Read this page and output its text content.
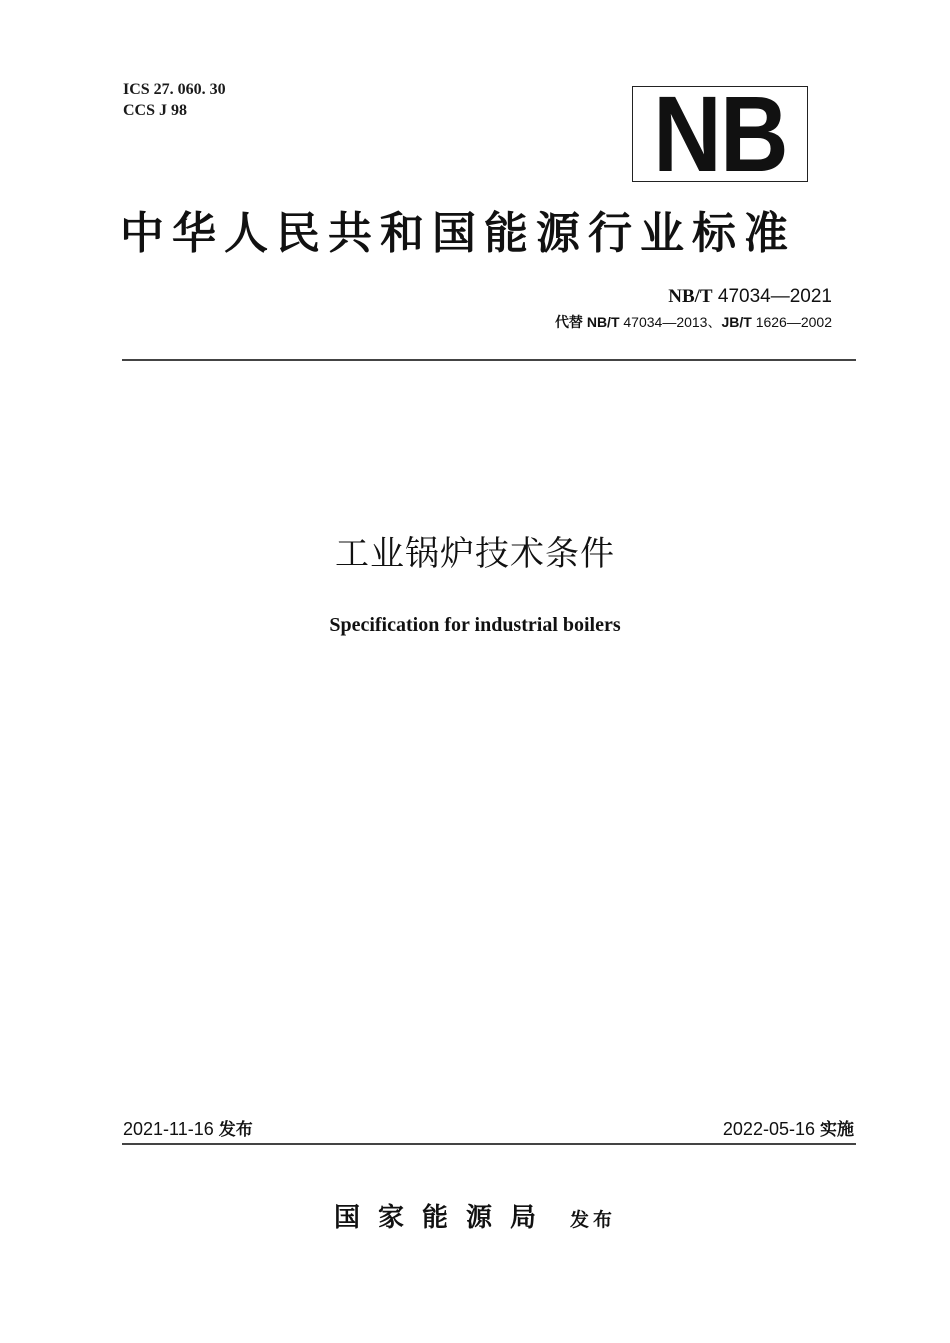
ICS 27. 060. 30
CCS J 98	NB
中华人民共和国能源行业标准
NB/T 47034—2021
代替 NB/T 47034—2013、JB/T 1626—2002
工业锅炉技术条件
Specification for industrial boilers
2021-11-16 发布	2022-05-16 实施
国家能源局 发布
